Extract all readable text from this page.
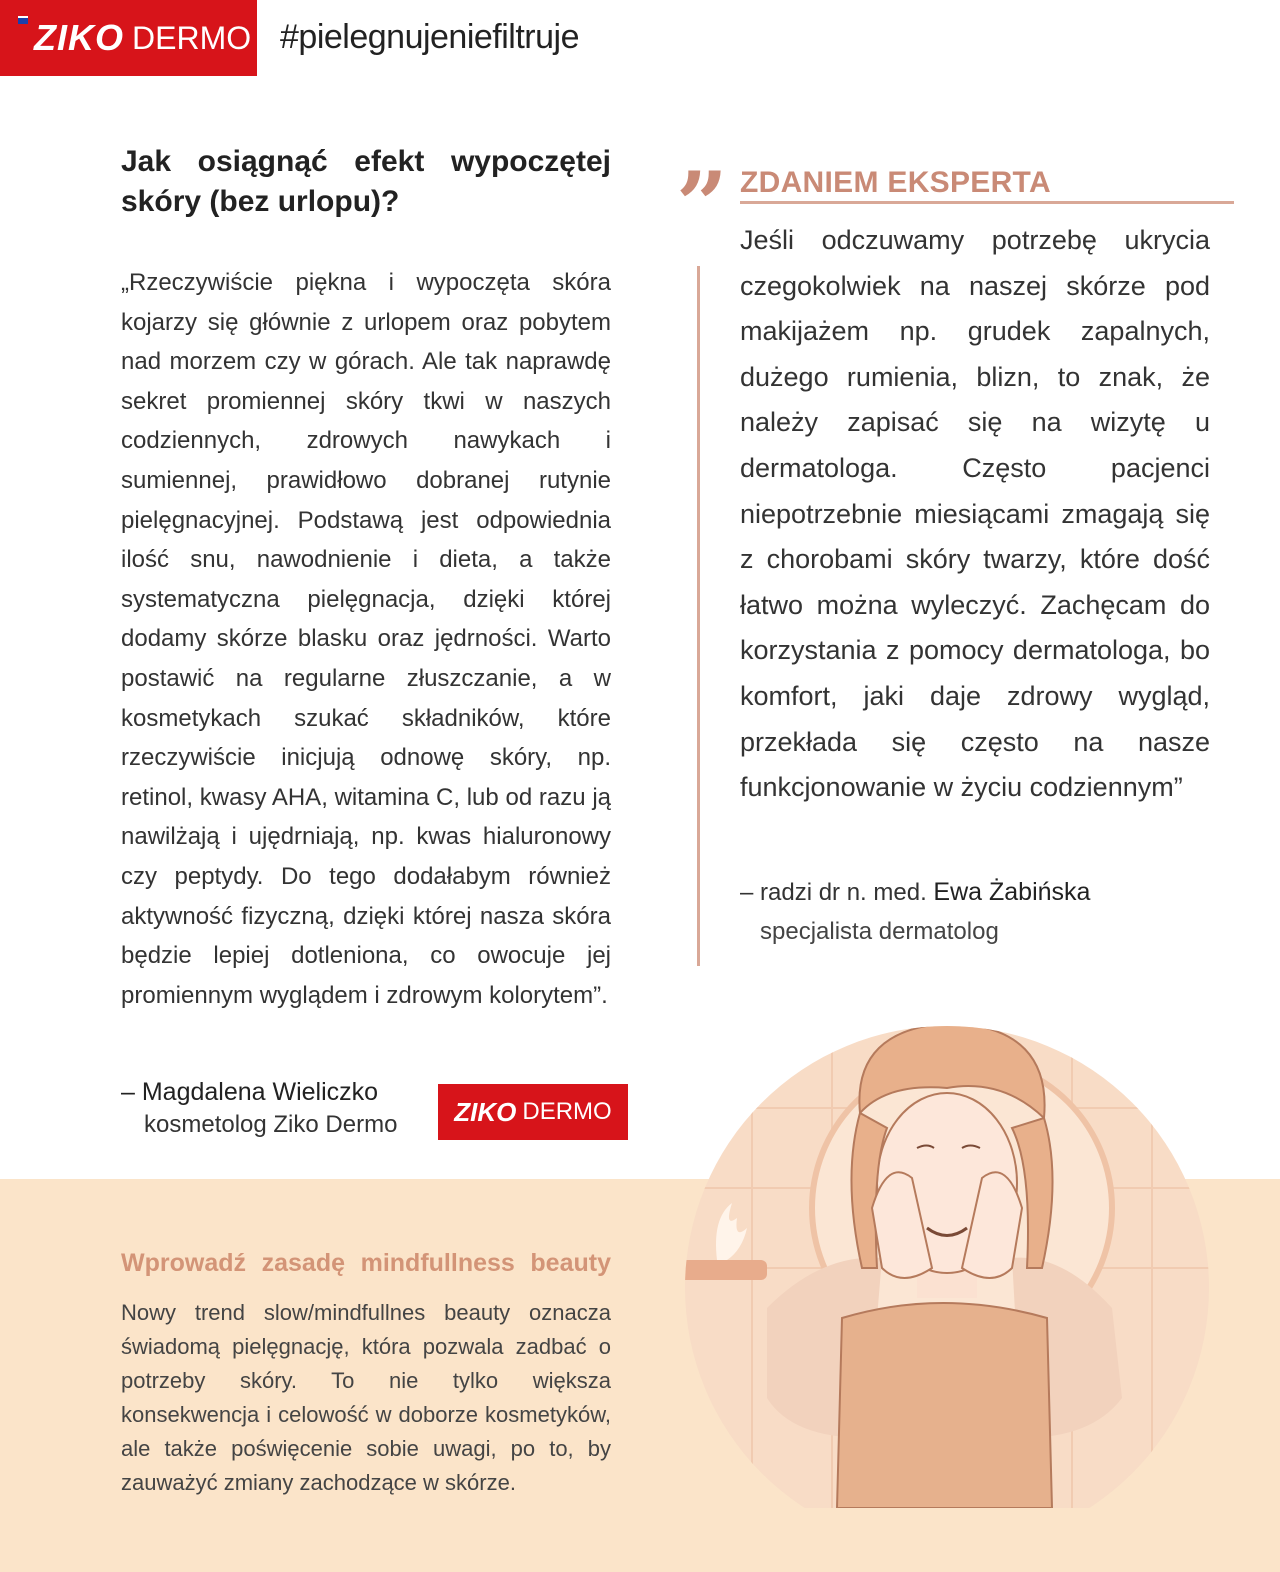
ZIKO DERMO #pielegnujeniefiltruje
Jak osiągnąć efekt wypoczętej skóry (bez urlopu)?
„Rzeczywiście piękna i wypoczęta skóra kojarzy się głównie z urlopem oraz pobytem nad morzem czy w górach. Ale tak naprawdę sekret promiennej skóry tkwi w naszych codziennych, zdrowych nawykach i sumiennej, prawidłowo dobranej rutynie pielęgnacyjnej. Podstawą jest odpowiednia ilość snu, nawodnienie i dieta, a także systematyczna pielęgnacja, dzięki której dodamy skórze blasku oraz jędrności. Warto postawić na regularne złuszczanie, a w kosmetykach szukać składników, które rzeczywiście inicjują odnowę skóry, np. retinol, kwasy AHA, witamina C, lub od razu ją nawilżają i ujędrniają, np. kwas hialuronowy czy peptydy. Do tego dodałabym również aktywność fizyczną, dzięki której nasza skóra będzie lepiej dotleniona, co owocuje jej promiennym wyglądem i zdrowym kolorytem”.
– Magdalena Wieliczko
kosmetolog Ziko Dermo ZIKO DERMO
” ZDANIEM EKSPERTA
Jeśli odczuwamy potrzebę ukrycia czegokolwiek na naszej skórze pod makijażem np. grudek zapalnych, dużego rumienia, blizn, to znak, że należy zapisać się na wizytę u dermatologa. Często pacjenci niepotrzebnie miesiącami zmagają się z chorobami skóry twarzy, które dość łatwo można wyleczyć. Zachęcam do korzystania z pomocy dermatologa, bo komfort, jaki daje zdrowy wygląd, przekłada się często na nasze funkcjonowanie w życiu codziennym”
– radzi dr n. med. Ewa Żabińska
specjalista dermatolog
Wprowadź zasadę mindfullness beauty
Nowy trend slow/mindfullnes beauty oznacza świadomą pielęgnację, która pozwala zadbać o potrzeby skóry. To nie tylko większa konsekwencja i celowość w doborze kosmetyków, ale także poświęcenie sobie uwagi, po to, by zauważyć zmiany zachodzące w skórze.
